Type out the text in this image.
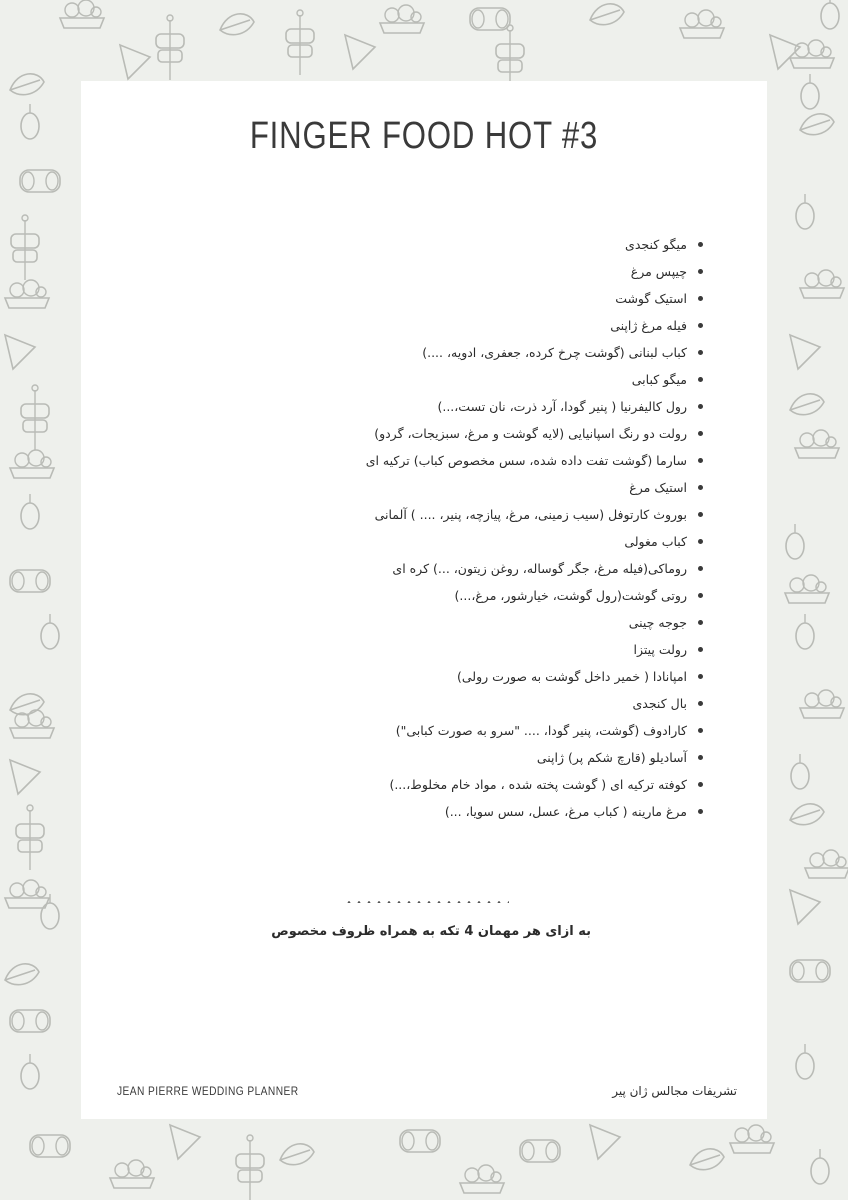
FINGER FOOD HOT #3
میگو کنجدی
چیپس مرغ
استیک گوشت
فیله مرغ ژاپنی
کباب لبنانی (گوشت چرخ کرده، جعفری، ادویه، ....)
میگو کبابی
رول کالیفرنیا ( پنیر گودا، آرد ذرت، نان تست،...)
رولت دو رنگ اسپانیایی (لایه گوشت و مرغ، سبزیجات، گردو)
سارما (گوشت تفت داده شده، سس مخصوص کباب) ترکیه ای
استیک مرغ
بوروث کارتوفل (سیب زمینی، مرغ، پیازچه، پنیر، .... ) آلمانی
کباب مغولی
روماکی(فیله مرغ، جگر گوساله، روغن زیتون، ...) کره ای
روتی گوشت(رول گوشت، خیارشور، مرغ،...)
جوجه چینی
رولت پیتزا
امپانادا ( خمیر داخل گوشت به صورت رولی)
بال کنجدی
کارادوف (گوشت، پنیر گودا، .... "سرو به صورت کبابی")
آسادیلو (قارچ شکم پر) ژاپنی
کوفته ترکیه ای ( گوشت پخته شده ، مواد خام مخلوط،...)
مرغ مارینه ( کباب مرغ، عسل، سس سویا، ...)
به ازای هر مهمان 4 تکه به همراه ظروف مخصوص
JEAN PIERRE WEDDING PLANNER	تشریفات مجالس ژان پیر
